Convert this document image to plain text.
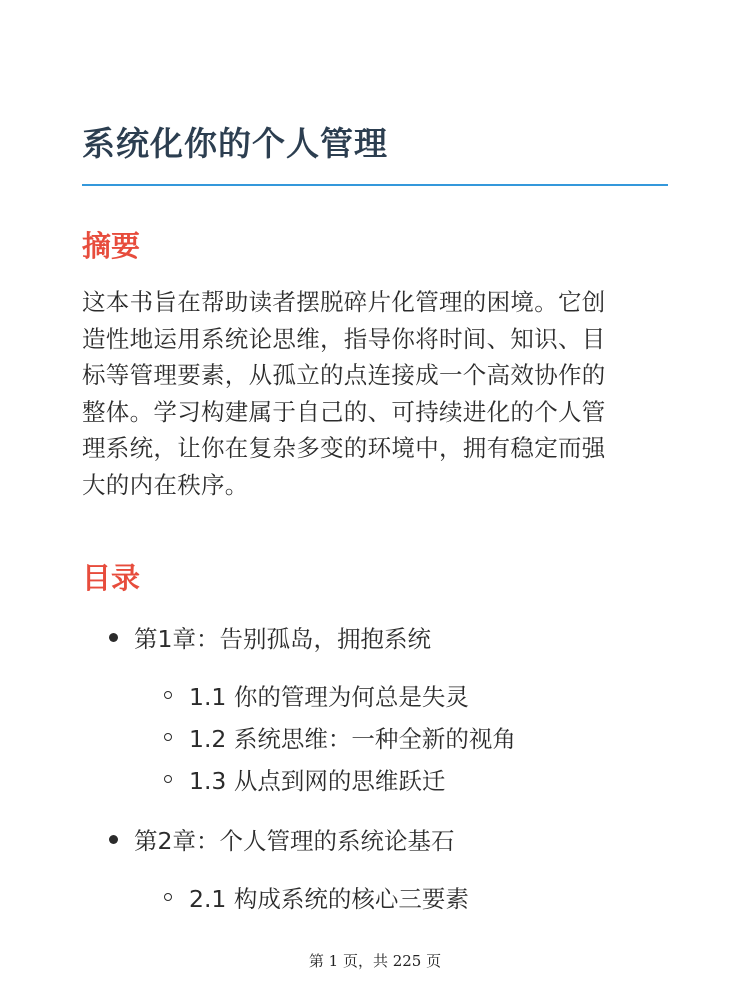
系统化你的个人管理
摘要
这本书旨在帮助读者摆脱碎片化管理的困境。它创
造性地运用系统论思维，指导你将时间、知识、目
标等管理要素，从孤立的点连接成一个高效协作的
整体。学习构建属于自己的、可持续进化的个人管
理系统，让你在复杂多变的环境中，拥有稳定而强
大的内在秩序。
目录
第1章：告别孤岛，拥抱系统
1.1 你的管理为何总是失灵
1.2 系统思维：一种全新的视角
1.3 从点到网的思维跃迁
第2章：个人管理的系统论基石
2.1 构成系统的核心三要素
第 1 页，共 225 页
